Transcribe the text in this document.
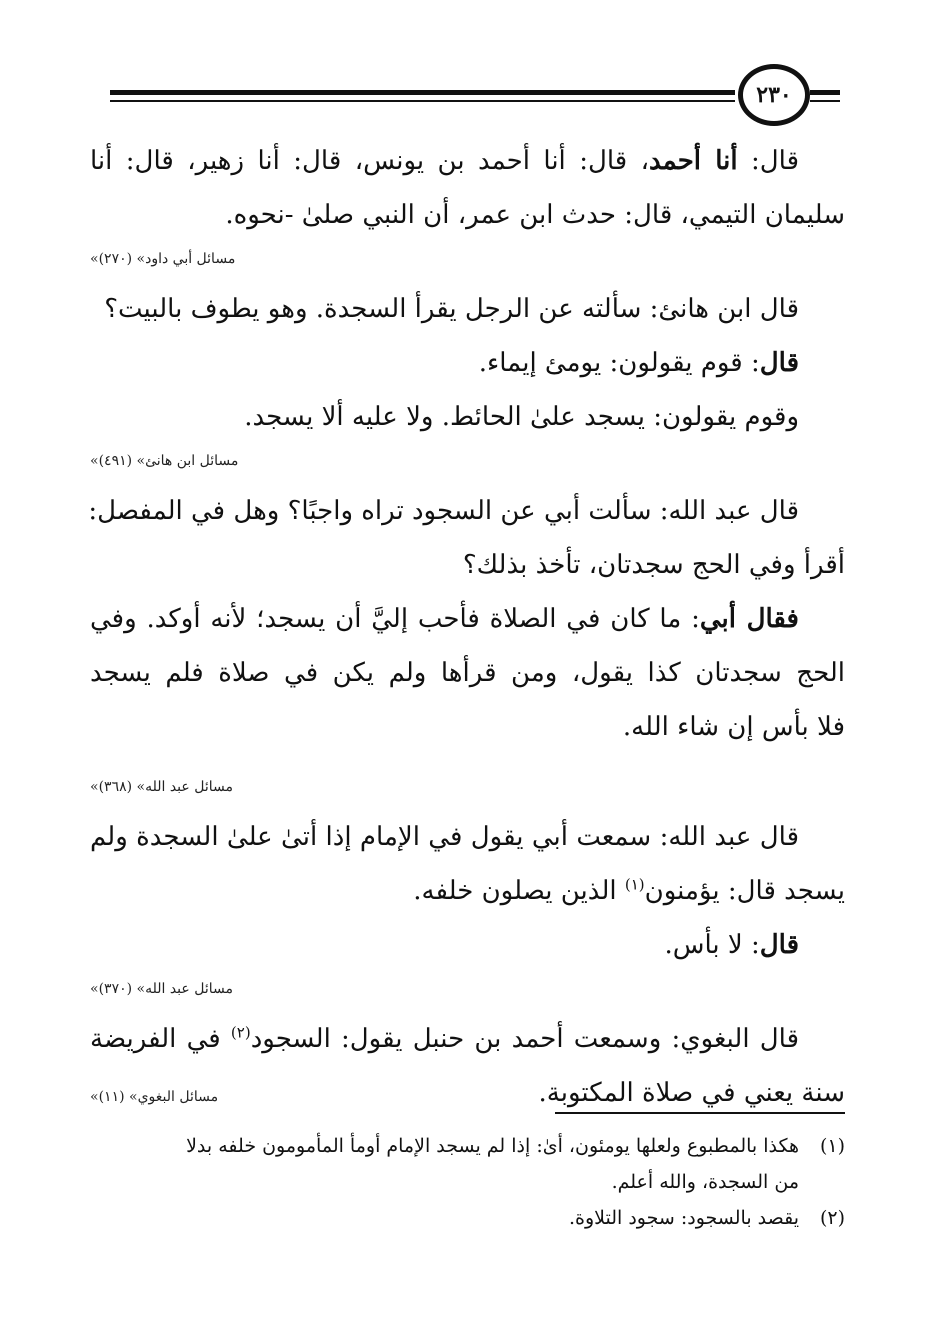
٢٣٠
قال: أنا أحمد، قال: أنا أحمد بن يونس، قال: أنا زهير، قال: أنا
سليمان التيمي، قال: حدث ابن عمر، أن النبي صلىٰ -نحوه.
«مسائل أبي داود» (٢٧٠)
قال ابن هانئ: سألته عن الرجل يقرأ السجدة. وهو يطوف بالبيت؟
قال: قوم يقولون: يومئ إيماء.
وقوم يقولون: يسجد علىٰ الحائط. ولا عليه ألا يسجد.
«مسائل ابن هانئ» (٤٩١)
قال عبد الله: سألت أبي عن السجود تراه واجبًا؟ وهل في المفصل:
أقرأ وفي الحج سجدتان، تأخذ بذلك؟
فقال أبي: ما كان في الصلاة فأحب إليَّ أن يسجد؛ لأنه أوكد. وفي
الحج سجدتان كذا يقول، ومن قرأها ولم يكن في صلاة فلم يسجد
فلا بأس إن شاء الله.
«مسائل عبد الله» (٣٦٨)
قال عبد الله: سمعت أبي يقول في الإمام إذا أتىٰ علىٰ السجدة ولم
يسجد قال: يؤمنون$^{(١)}$ الذين يصلون خلفه.
قال: لا بأس.
«مسائل عبد الله» (٣٧٠)
قال البغوي: وسمعت أحمد بن حنبل يقول: السجود$^{(٢)}$ في الفريضة
سنة يعني في صلاة المكتوبة.
«مسائل البغوي» (١١)
(١)
هكذا بالمطبوع ولعلها يومئون، أىٰ: إذا لم يسجد الإمام أومأ المأمومون خلفه بدلا
من السجدة، والله أعلم.
(٢)
يقصد بالسجود: سجود التلاوة.
